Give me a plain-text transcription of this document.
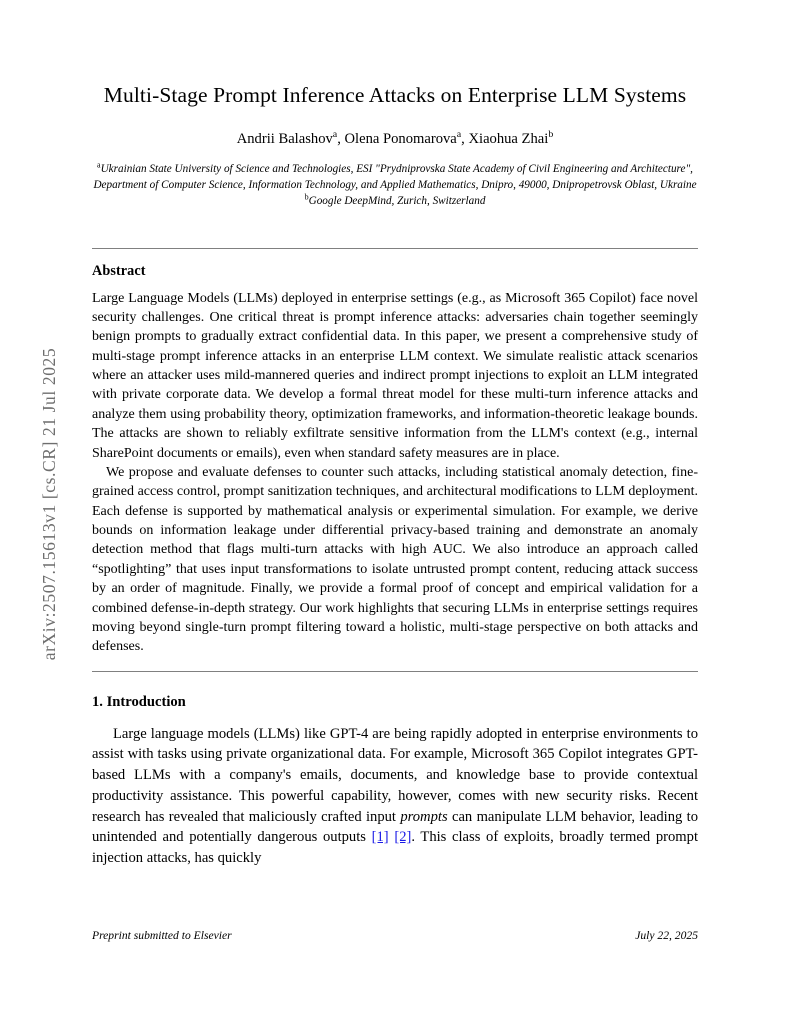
arXiv:2507.15613v1 [cs.CR] 21 Jul 2025
Multi-Stage Prompt Inference Attacks on Enterprise LLM Systems
Andrii Balashov$^a$, Olena Ponomarova$^a$, Xiaohua Zhai$^b$
$^a$Ukrainian State University of Science and Technologies, ESI "Prydniprovska State Academy of Civil Engineering and Architecture", Department of Computer Science, Information Technology, and Applied Mathematics, Dnipro, 49000, Dnipropetrovsk Oblast, Ukraine
$^b$Google DeepMind, Zurich, Switzerland
Abstract

Large Language Models (LLMs) deployed in enterprise settings (e.g., as Microsoft 365 Copilot) face novel security challenges. One critical threat is prompt inference attacks: adversaries chain together seemingly benign prompts to gradually extract confidential data. In this paper, we present a comprehensive study of multi-stage prompt inference attacks in an enterprise LLM context. We simulate realistic attack scenarios where an attacker uses mild-mannered queries and indirect prompt injections to exploit an LLM integrated with private corporate data. We develop a formal threat model for these multi-turn inference attacks and analyze them using probability theory, optimization frameworks, and information-theoretic leakage bounds. The attacks are shown to reliably exfiltrate sensitive information from the LLM's context (e.g., internal SharePoint documents or emails), even when standard safety measures are in place.

We propose and evaluate defenses to counter such attacks, including statistical anomaly detection, fine-grained access control, prompt sanitization techniques, and architectural modifications to LLM deployment. Each defense is supported by mathematical analysis or experimental simulation. For example, we derive bounds on information leakage under differential privacy-based training and demonstrate an anomaly detection method that flags multi-turn attacks with high AUC. We also introduce an approach called “spotlighting” that uses input transformations to isolate untrusted prompt content, reducing attack success by an order of magnitude. Finally, we provide a formal proof of concept and empirical validation for a combined defense-in-depth strategy. Our work highlights that securing LLMs in enterprise settings requires moving beyond single-turn prompt filtering toward a holistic, multi-stage perspective on both attacks and defenses.

1. Introduction

Large language models (LLMs) like GPT-4 are being rapidly adopted in enterprise environments to assist with tasks using private organizational data. For example, Microsoft 365 Copilot integrates GPT-based LLMs with a company's emails, documents, and knowledge base to provide contextual productivity assistance. This powerful capability, however, comes with new security risks. Recent research has revealed that maliciously crafted input prompts can manipulate LLM behavior, leading to unintended and potentially dangerous outputs [1] [2]. This class of exploits, broadly termed prompt injection attacks, has quickly

Preprint submitted to Elsevier	July 22, 2025
